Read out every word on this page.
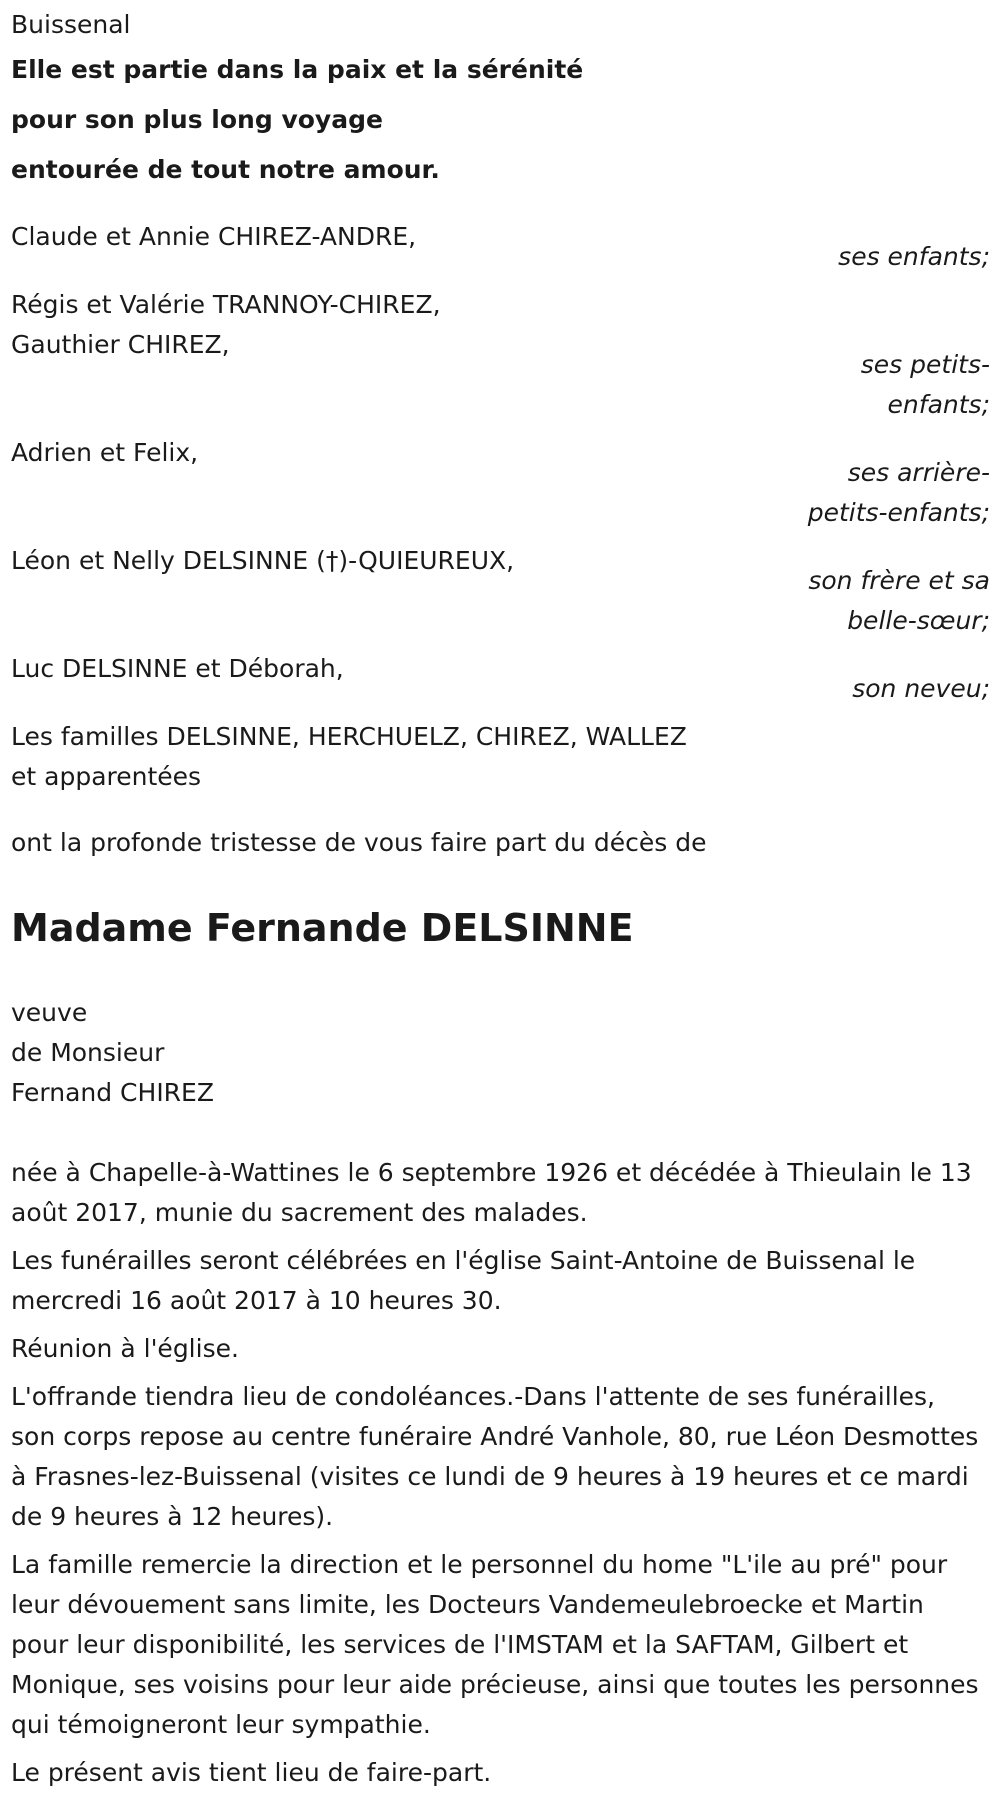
Buissenal
Elle est partie dans la paix et la sérénité
pour son plus long voyage
entourée de tout notre amour.
Claude et Annie CHIREZ-ANDRE,
ses enfants;
Régis et Valérie TRANNOY-CHIREZ,
Gauthier CHIREZ,
ses petits-enfants;
Adrien et Felix,
ses arrière-petits-enfants;
Léon et Nelly DELSINNE (†)-QUIEUREUX,
son frère et sa belle-sœur;
Luc DELSINNE et Déborah,
son neveu;
Les familles DELSINNE, HERCHUELZ, CHIREZ, WALLEZ
et apparentées
ont la profonde tristesse de vous faire part du décès de
Madame Fernande DELSINNE
veuve
de Monsieur
Fernand CHIREZ
née à Chapelle-à-Wattines le 6 septembre 1926 et décédée à Thieulain le 13 août 2017, munie du sacrement des malades.
Les funérailles seront célébrées en l'église Saint-Antoine de Buissenal le mercredi 16 août 2017 à 10 heures 30.
Réunion à l'église.
L'offrande tiendra lieu de condoléances.-Dans l'attente de ses funérailles, son corps repose au centre funéraire André Vanhole, 80, rue Léon Desmottes à Frasnes-lez-Buissenal (visites ce lundi de 9 heures à 19 heures et ce mardi de 9 heures à 12 heures).
La famille remercie la direction et le personnel du home "L'ile au pré" pour leur dévouement sans limite, les Docteurs Vandemeulebroecke et Martin pour leur disponibilité, les services de l'IMSTAM et la SAFTAM, Gilbert et Monique, ses voisins pour leur aide précieuse, ainsi que toutes les personnes qui témoigneront leur sympathie.
Le présent avis tient lieu de faire-part.
